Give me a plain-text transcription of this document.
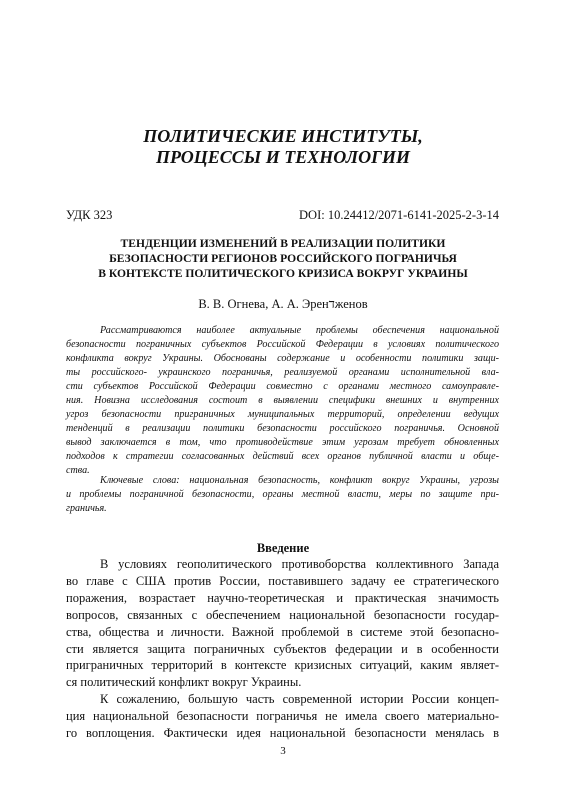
ПОЛИТИЧЕСКИЕ ИНСТИТУТЫ,
ПРОЦЕССЫ И ТЕХНОЛОГИИ
УДК 323	DOI: 10.24412/2071-6141-2025-2-3-14
ТЕНДЕНЦИИ ИЗМЕНЕНИЙ В РЕАЛИЗАЦИИ ПОЛИТИКИ
БЕЗОПАСНОСТИ РЕГИОНОВ РОССИЙСКОГО ПОГРАНИЧЬЯ
В КОНТЕКСТЕ ПОЛИТИЧЕСКОГО КРИЗИСА ВОКРУГ УКРАИНЫ
В. В. Огнева, А. А. Эренדженов
Рассматриваются наиболее актуальные проблемы обеспечения национальной
безопасности пограничных субъектов Российской Федерации в условиях политического
конфликта вокруг Украины. Обоснованы содержание и особенности политики защи-
ты российского- украинского пограничья, реализуемой органами исполнительной вла-
сти субъектов Российской Федерации совместно с органами местного самоуправле-
ния. Новизна исследования состоит в выявлении специфики внешних и внутренних
угроз безопасности приграничных муниципальных территорий, определении ведущих
тенденций в реализации политики безопасности российского пограничья. Основной
вывод заключается в том, что противодействие этим угрозам требует обновленных
подходов к стратегии согласованных действий всех органов публичной власти и обще-
ства.
Ключевые слова: национальная безопасность, конфликт вокруг Украины, угрозы
и проблемы пограничной безопасности, органы местной власти, меры по защите при-
граничья.
Введение
В условиях геополитического противоборства коллективного Запада
во главе с США против России, поставившего задачу ее стратегического
поражения, возрастает научно-теоретическая и практическая значимость
вопросов, связанных с обеспечением национальной безопасности государ-
ства, общества и личности. Важной проблемой в системе этой безопасно-
сти является защита пограничных субъектов федерации и в особенности
приграничных территорий в контексте кризисных ситуаций, каким являет-
ся политический конфликт вокруг Украины.
К сожалению, большую часть современной истории России концеп-
ция национальной безопасности пограничья не имела своего материально-
го воплощения. Фактически идея национальной безопасности менялась в
3
